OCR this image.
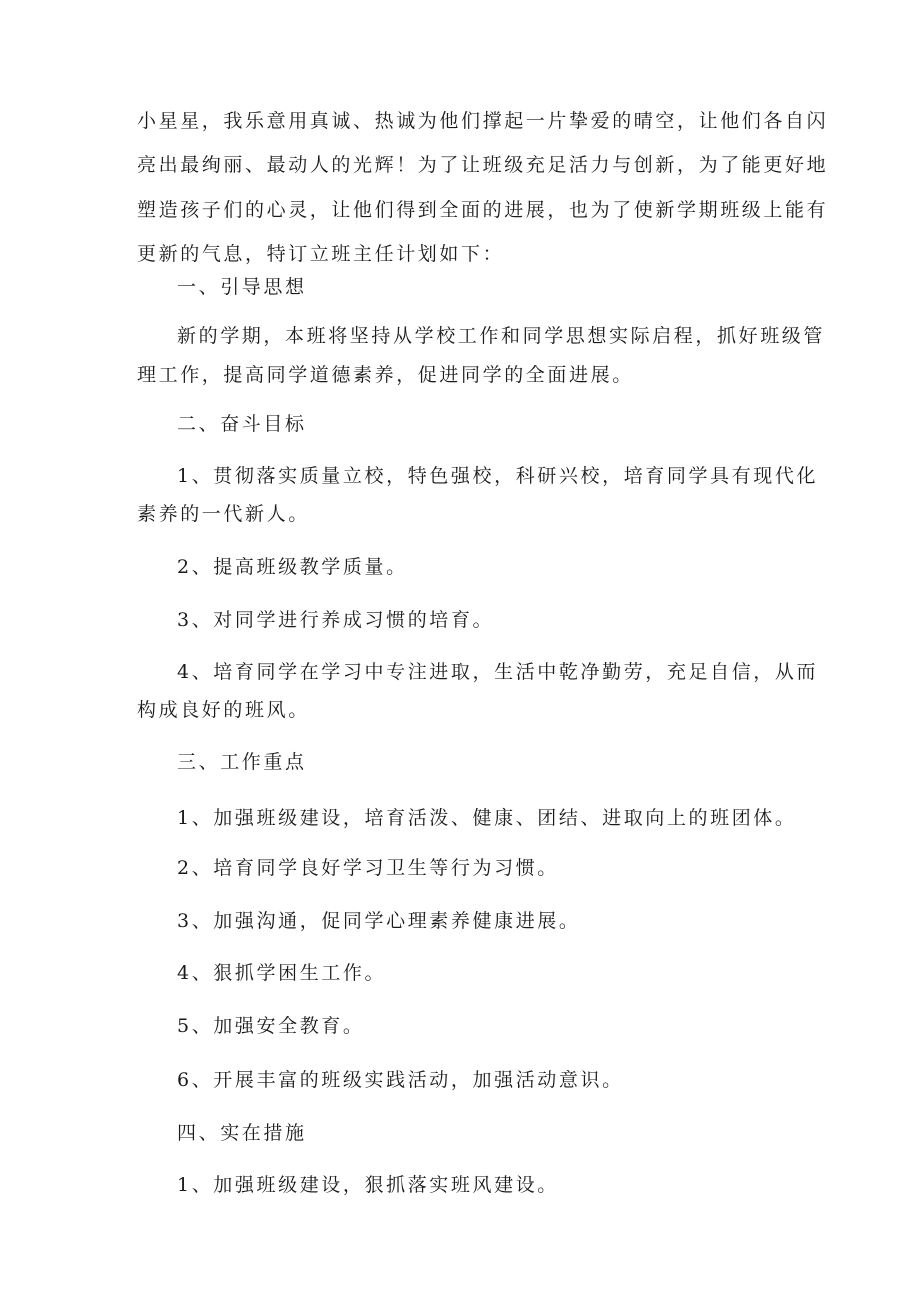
小星星，我乐意用真诚、热诚为他们撑起一片挚爱的晴空，让他们各自闪
亮出最绚丽、最动人的光辉！为了让班级充足活力与创新，为了能更好地
塑造孩子们的心灵，让他们得到全面的进展，也为了使新学期班级上能有
更新的气息，特订立班主任计划如下：
一、引导思想
新的学期，本班将坚持从学校工作和同学思想实际启程，抓好班级管
理工作，提高同学道德素养，促进同学的全面进展。
二、奋斗目标
1、贯彻落实质量立校，特色强校，科研兴校，培育同学具有现代化
素养的一代新人。
2、提高班级教学质量。
3、对同学进行养成习惯的培育。
4、培育同学在学习中专注进取，生活中乾净勤劳，充足自信，从而
构成良好的班风。
三、工作重点
1、加强班级建设，培育活泼、健康、团结、进取向上的班团体。
2、培育同学良好学习卫生等行为习惯。
3、加强沟通，促同学心理素养健康进展。
4、狠抓学困生工作。
5、加强安全教育。
6、开展丰富的班级实践活动，加强活动意识。
四、实在措施
1、加强班级建设，狠抓落实班风建设。
